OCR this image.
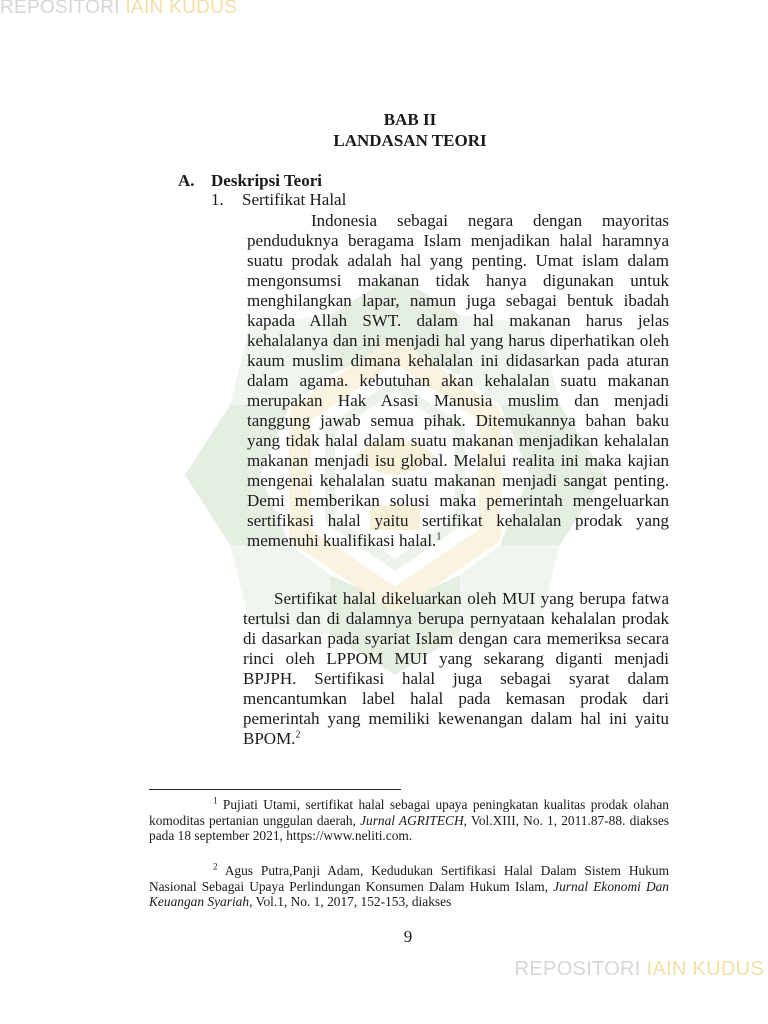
REPOSITORI IAIN KUDUS
BAB II
LANDASAN TEORI
A. Deskripsi Teori
1. Sertifikat Halal

Indonesia sebagai negara dengan mayoritas penduduknya beragama Islam menjadikan halal haramnya suatu prodak adalah hal yang penting. Umat islam dalam mengonsumsi makanan tidak hanya digunakan untuk menghilangkan lapar, namun juga sebagai bentuk ibadah kapada Allah SWT. dalam hal makanan harus jelas kehalalanya dan ini menjadi hal yang harus diperhatikan oleh kaum muslim dimana kehalalan ini didasarkan pada aturan dalam agama. kebutuhan akan kehalalan suatu makanan merupakan Hak Asasi Manusia muslim dan menjadi tanggung jawab semua pihak. Ditemukannya bahan baku yang tidak halal dalam suatu makanan menjadikan kehalalan makanan menjadi isu global. Melalui realita ini maka kajian mengenai kehalalan suatu makanan menjadi sangat penting. Demi memberikan solusi maka pemerintah mengeluarkan sertifikasi halal yaitu sertifikat kehalalan prodak yang memenuhi kualifikasi halal.$^1$

Sertifikat halal dikeluarkan oleh MUI yang berupa fatwa tertulsi dan di dalamnya berupa pernyataan kehalalan prodak di dasarkan pada syariat Islam dengan cara memeriksa secara rinci oleh LPPOM MUI yang sekarang diganti menjadi BPJPH. Sertifikasi halal juga sebagai syarat dalam mencantumkan label halal pada kemasan prodak dari pemerintah yang memiliki kewenangan dalam hal ini yaitu BPOM.$^2$

$^1$ Pujiati Utami, sertifikat halal sebagai upaya peningkatan kualitas prodak olahan komoditas pertanian unggulan daerah, Jurnal AGRITECH, Vol.XIII, No. 1, 2011.87-88. diakses pada 18 september 2021, https://www.neliti.com.

$^2$ Agus Putra,Panji Adam, Kedudukan Sertifikasi Halal Dalam Sistem Hukum Nasional Sebagai Upaya Perlindungan Konsumen Dalam Hukum Islam, Jurnal Ekonomi Dan Keuangan Syariah, Vol.1, No. 1, 2017, 152-153, diakses

9
REPOSITORI IAIN KUDUS
